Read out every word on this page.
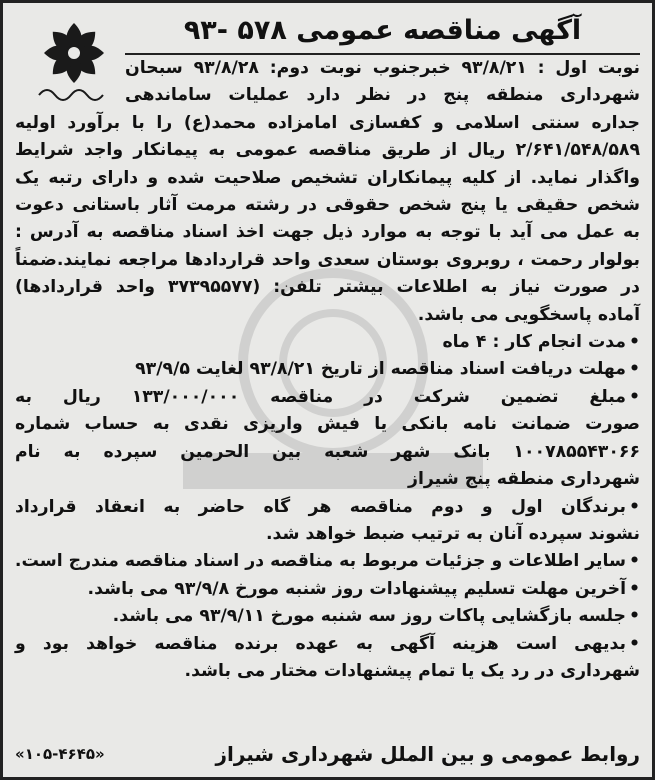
آگهی مناقصه عمومی ۵۷۸ -۹۳
نوبت اول : ۹۳/۸/۲۱ خبرجنوب نوبت دوم: ۹۳/۸/۲۸ سبحان
شهرداری منطقه پنج در نظر دارد عملیات ساماندهی
جداره سنتی اسلامی و کفسازی امامزاده محمد(ع) را با برآورد اولیه
۲/۶۴۱/۵۴۸/۵۸۹ ریال از طریق مناقصه عمومی به پیمانکار واجد شرایط
واگذار نماید. از کلیه پیمانکاران تشخیص صلاحیت شده و دارای رتبه یک
شخص حقیقی یا پنج شخص حقوقی در رشته مرمت آثار باستانی دعوت
به عمل می آید با توجه به موارد ذیل جهت اخذ اسناد مناقصه به آدرس :
بولوار رحمت ، روبروی بوستان سعدی واحد قراردادها مراجعه نمایند.ضمناً
در صورت نیاز به اطلاعات بیشتر تلفن: (۳۷۳۹۵۵۷۷ واحد قراردادها)
آماده پاسخگویی می باشد.
•مدت انجام کار : ۴ ماه
•مهلت دریافت اسناد مناقصه از تاریخ ۹۳/۸/۲۱ لغایت ۹۳/۹/۵
•مبلغ تضمین شرکت در مناقصه ۱۳۳/۰۰۰/۰۰۰ ریال به
صورت ضمانت نامه بانکی یا فیش واریزی نقدی به حساب شماره
۱۰۰۷۸۵۵۴۳۰۶۶ بانک شهر شعبه بین الحرمین سپرده به نام
شهرداری منطقه پنج شیراز
•برندگان اول و دوم مناقصه هر گاه حاضر به انعقاد قرارداد
نشوند سپرده آنان به ترتیب ضبط خواهد شد.
•سایر اطلاعات و جزئیات مربوط به مناقصه در اسناد مناقصه مندرج است.
•آخرین مهلت تسلیم پیشنهادات روز شنبه مورخ ۹۳/۹/۸ می باشد.
•جلسه بازگشایی پاکات روز سه شنبه مورخ ۹۳/۹/۱۱ می باشد.
•بدیهی است هزینه آگهی به عهده برنده مناقصه خواهد بود و
شهرداری در رد یک یا تمام پیشنهادات مختار می باشد.
روابط عمومی و بین الملل شهرداری شیراز
«۱۰۵-۴۶۴۵»
